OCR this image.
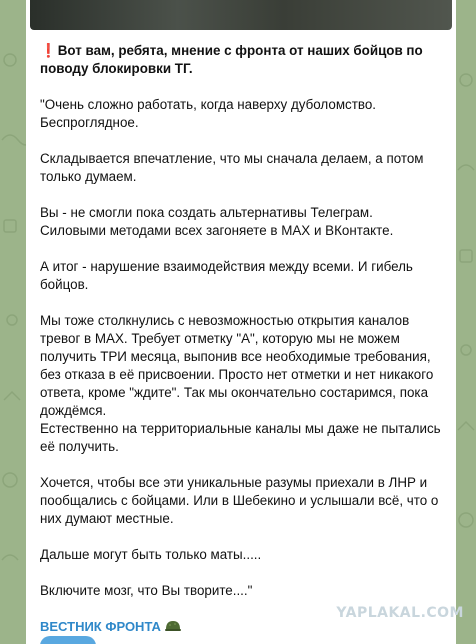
❗ Вот вам, ребята, мнение с фронта от наших бойцов по поводу блокировки ТГ.

"Очень сложно работать, когда наверху дуболомство. Беспроглядное.

Складывается впечатление, что мы сначала делаем, а потом только думаем.

Вы - не смогли пока создать альтернативы Телеграм. Силовыми методами всех загоняете в MAX и ВКонтакте.

А итог - нарушение взаимодействия между всеми. И гибель бойцов.

Мы тоже столкнулись с невозможностью открытия каналов тревог в MAX. Требует отметку "А", которую мы не можем получить ТРИ месяца, выпонив все необходимые требования, без отказа в её присвоении. Просто нет отметки и нет никакого ответа, кроме "ждите". Так мы окончательно состаримся, пока дождёмся.

Естественно на территориальные каналы мы даже не пытались её получить.

Хочется, чтобы все эти уникальные разумы приехали в ЛНР и пообщались с бойцами. Или в Шебекино и услышали всё, что о них думают местные.

Дальше могут быть только маты.....

Включите мозг, что Вы творите...."

ВЕСТНИК ФРОНТА
YAPLAKAL.COM
